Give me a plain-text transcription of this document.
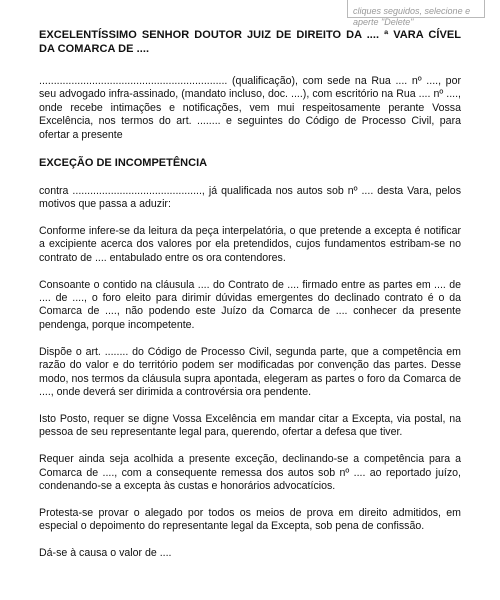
cliques seguidos, selecione e
aperte "Delete"

EXCELENTÍSSIMO SENHOR DOUTOR JUIZ DE DIREITO DA .... ª VARA CÍVEL DA COMARCA DE ....
................................................................ (qualificação), com sede na Rua .... nº ...., por seu advogado infra-assinado, (mandato incluso, doc. ....), com escritório na Rua .... nº ...., onde recebe intimações e notificações, vem mui respeitosamente perante Vossa Excelência, nos termos do art. ........ e seguintes do Código de Processo Civil, para ofertar a presente
EXCEÇÃO DE INCOMPETÊNCIA
contra ............................................, já qualificada nos autos sob nº .... desta Vara, pelos motivos que passa a aduzir:
Conforme infere-se da leitura da peça interpelatória, o que pretende a excepta é notificar a excipiente acerca dos valores por ela pretendidos, cujos fundamentos estribam-se no contrato de .... entabulado entre os ora contendores.
Consoante o contido na cláusula .... do Contrato de .... firmado entre as partes em .... de .... de ...., o foro eleito para dirimir dúvidas emergentes do declinado contrato é o da Comarca de ...., não podendo este Juízo da Comarca de .... conhecer da presente pendenga, porque incompetente.
Dispõe o art. ........ do Código de Processo Civil, segunda parte, que a competência em razão do valor e do território podem ser modificadas por convenção das partes. Desse modo, nos termos da cláusula supra apontada, elegeram as partes o foro da Comarca de ...., onde deverá ser dirimida a controvérsia ora pendente.
Isto Posto, requer se digne Vossa Excelência em mandar citar a Excepta, via postal, na pessoa de seu representante legal para, querendo, ofertar a defesa que tiver.
Requer ainda seja acolhida a presente exceção, declinando-se a competência para a Comarca de ...., com a consequente remessa dos autos sob nº .... ao reportado juízo, condenando-se a excepta às custas e honorários advocatícios.
Protesta-se provar o alegado por todos os meios de prova em direito admitidos, em especial o depoimento do representante legal da Excepta, sob pena de confissão.
Dá-se à causa o valor de ....
